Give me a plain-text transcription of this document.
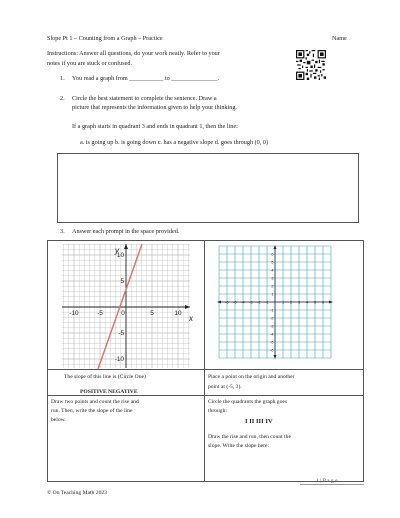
Slope Pt 1 – Counting from a Graph – Practice	Name
Instructions: Answer all questions, do your work neatly. Refer to your
notes if you are stuck or confused.
1. You read a graph from ___________ to _______________.
2. Circle the best statement to complete the sentence. Draw a
picture that represents the information given to help your thinking.
If a graph starts in quadrant 3 and ends in quadrant 1, then the line:
a. is going up b. is going down c. has a negative slope d. goes through (0, 0)
3. Answer each prompt in the space provided.
-10	-5	0	5	10
10
5
-5
-10
x
y
-6 -5 -4 -3 -2 -1	1 2 3 4 5 6
6
5
4
3
2
1
-1
-2
-3
-4
-5
-6
The slope of this line is (Circle One)
POSITIVE NEGATIVE
Place a point on the origin and another
point at (-5, 3).
Draw two points and count the rise and
run. Then, write the slope of the line
below.
Circle the quadrants the graph goes
through:
I II III IV
Draw the rise and run, then count the
slope. Write the slope here:
1 | P a g e
© On Teaching Math 2023
